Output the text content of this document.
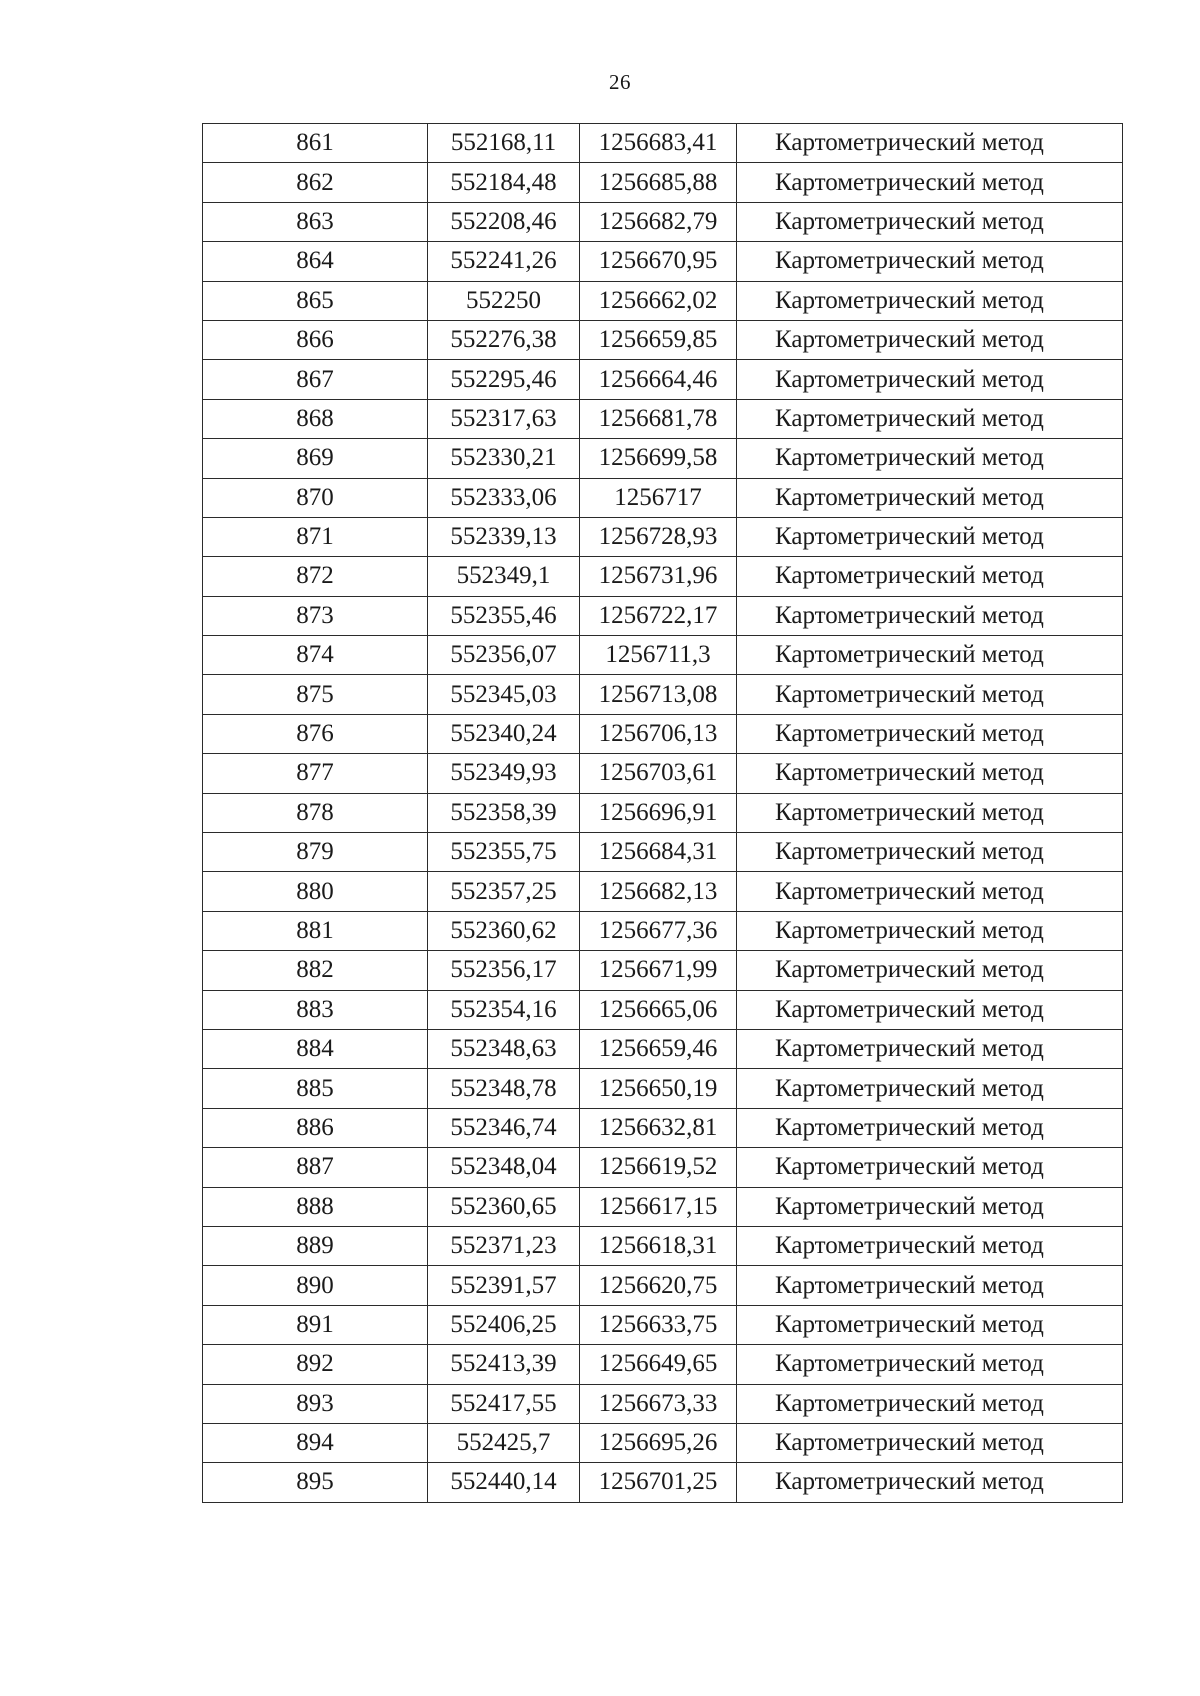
26
861	552168,11	1256683,41	Картометрический метод
862	552184,48	1256685,88	Картометрический метод
863	552208,46	1256682,79	Картометрический метод
864	552241,26	1256670,95	Картометрический метод
865	552250	1256662,02	Картометрический метод
866	552276,38	1256659,85	Картометрический метод
867	552295,46	1256664,46	Картометрический метод
868	552317,63	1256681,78	Картометрический метод
869	552330,21	1256699,58	Картометрический метод
870	552333,06	1256717	Картометрический метод
871	552339,13	1256728,93	Картометрический метод
872	552349,1	1256731,96	Картометрический метод
873	552355,46	1256722,17	Картометрический метод
874	552356,07	1256711,3	Картометрический метод
875	552345,03	1256713,08	Картометрический метод
876	552340,24	1256706,13	Картометрический метод
877	552349,93	1256703,61	Картометрический метод
878	552358,39	1256696,91	Картометрический метод
879	552355,75	1256684,31	Картометрический метод
880	552357,25	1256682,13	Картометрический метод
881	552360,62	1256677,36	Картометрический метод
882	552356,17	1256671,99	Картометрический метод
883	552354,16	1256665,06	Картометрический метод
884	552348,63	1256659,46	Картометрический метод
885	552348,78	1256650,19	Картометрический метод
886	552346,74	1256632,81	Картометрический метод
887	552348,04	1256619,52	Картометрический метод
888	552360,65	1256617,15	Картометрический метод
889	552371,23	1256618,31	Картометрический метод
890	552391,57	1256620,75	Картометрический метод
891	552406,25	1256633,75	Картометрический метод
892	552413,39	1256649,65	Картометрический метод
893	552417,55	1256673,33	Картометрический метод
894	552425,7	1256695,26	Картометрический метод
895	552440,14	1256701,25	Картометрический метод
